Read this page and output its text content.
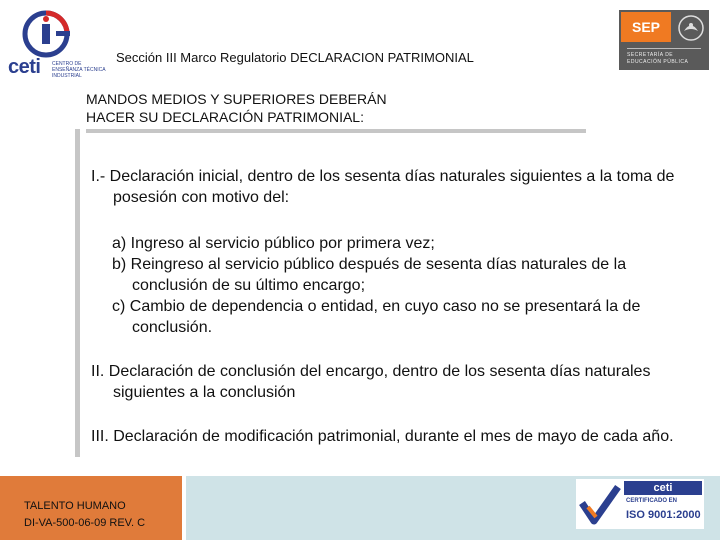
ceti CENTRO DE ENSEÑANZA TÉCNICA INDUSTRIAL
Sección III Marco Regulatorio DECLARACION PATRIMONIAL
SEP
SECRETARÍA DE EDUCACIÓN PÚBLICA
MANDOS MEDIOS Y SUPERIORES DEBERÁN
HACER SU DECLARACIÓN PATRIMONIAL:
I.- Declaración inicial, dentro de los sesenta días naturales siguientes a la toma de posesión con motivo del:
a) Ingreso al servicio público por primera vez;
b) Reingreso al servicio público después de sesenta días naturales de la conclusión de su último encargo;
c) Cambio de dependencia o entidad, en cuyo caso no se presentará la de conclusión.
II. Declaración de conclusión del encargo, dentro de los sesenta días naturales siguientes a la conclusión
III. Declaración de modificación patrimonial, durante el mes de mayo de cada año.
TALENTO HUMANO
DI-VA-500-06-09 REV. C
ceti
CERTIFICADO EN
ISO 9001:2000
